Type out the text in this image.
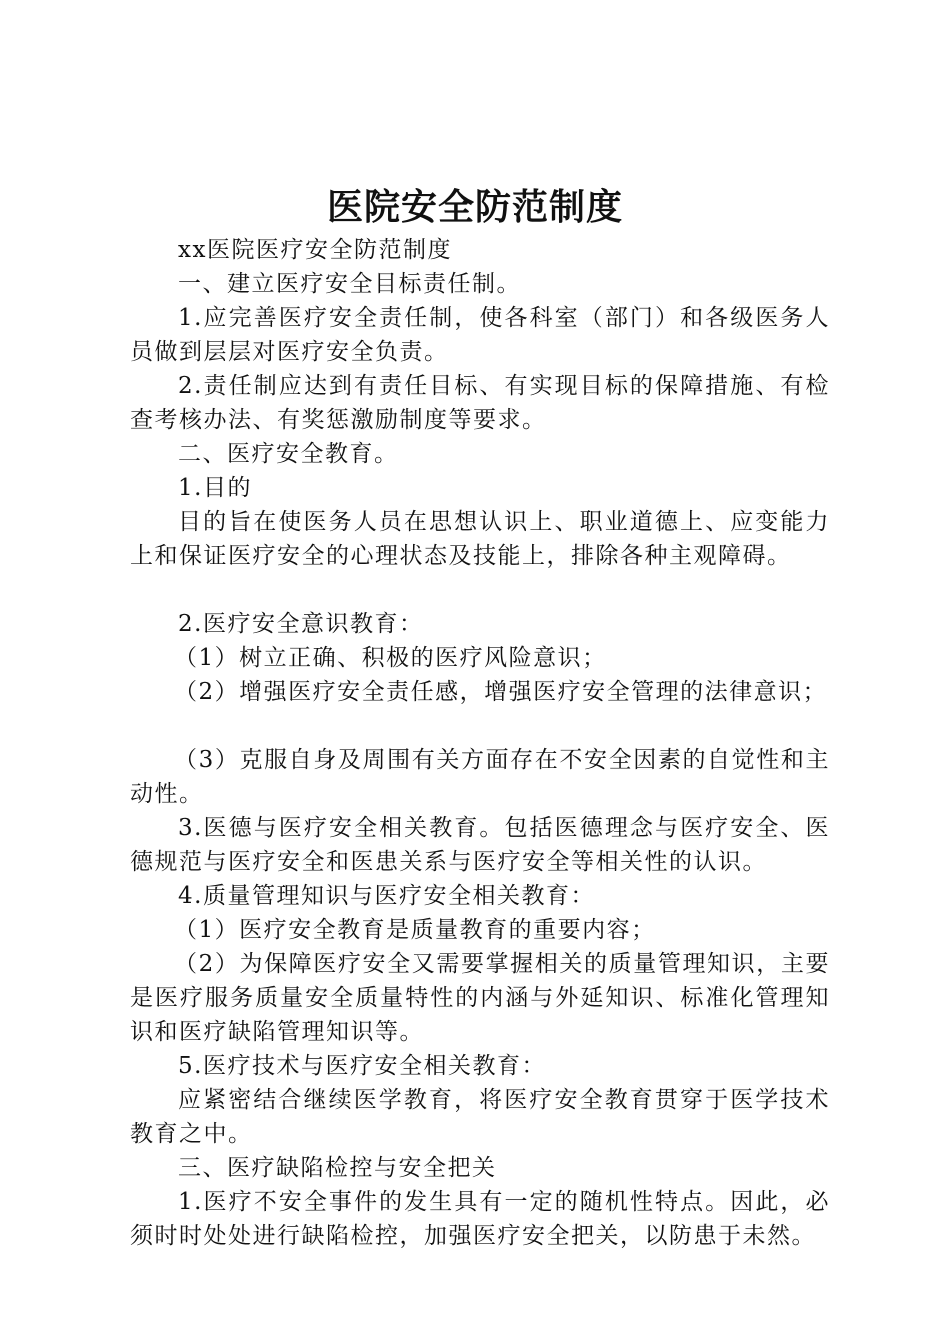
医院安全防范制度

xx医院医疗安全防范制度

一、建立医疗安全目标责任制。

1.应完善医疗安全责任制，使各科室（部门）和各级医务人员做到层层对医疗安全负责。

2.责任制应达到有责任目标、有实现目标的保障措施、有检查考核办法、有奖惩激励制度等要求。

二、医疗安全教育。

1.目的

目的旨在使医务人员在思想认识上、职业道德上、应变能力上和保证医疗安全的心理状态及技能上，排除各种主观障碍。

2.医疗安全意识教育：

（1）树立正确、积极的医疗风险意识；

（2）增强医疗安全责任感，增强医疗安全管理的法律意识；

（3）克服自身及周围有关方面存在不安全因素的自觉性和主动性。

3.医德与医疗安全相关教育。包括医德理念与医疗安全、医德规范与医疗安全和医患关系与医疗安全等相关性的认识。

4.质量管理知识与医疗安全相关教育：

（1）医疗安全教育是质量教育的重要内容；

（2）为保障医疗安全又需要掌握相关的质量管理知识，主要是医疗服务质量安全质量特性的内涵与外延知识、标准化管理知识和医疗缺陷管理知识等。

5.医疗技术与医疗安全相关教育：

应紧密结合继续医学教育，将医疗安全教育贯穿于医学技术教育之中。

三、医疗缺陷检控与安全把关

1.医疗不安全事件的发生具有一定的随机性特点。因此，必须时时处处进行缺陷检控，加强医疗安全把关，以防患于未然。
